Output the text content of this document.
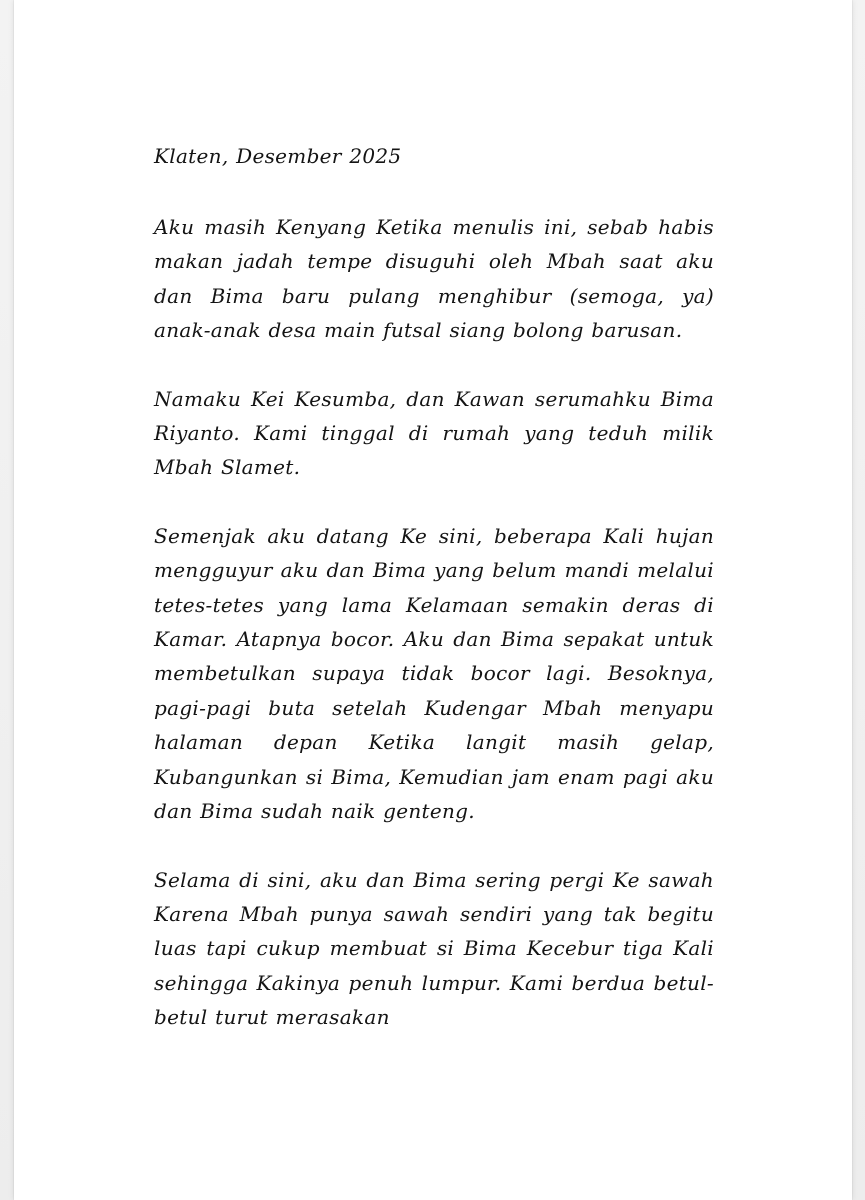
Klaten, Desember 2025

Aku masih Kenyang Ketika menulis ini, sebab habis makan jadah tempe disuguhi oleh Mbah saat aku dan Bima baru pulang menghibur (semoga, ya) anak-anak desa main futsal siang bolong barusan.

Namaku Kei Kesumba, dan Kawan serumahku Bima Riyanto. Kami tinggal di rumah yang teduh milik Mbah Slamet.

Semenjak aku datang Ke sini, beberapa Kali hujan mengguyur aku dan Bima yang belum mandi melalui tetes-tetes yang lama Kelamaan semakin deras di Kamar. Atapnya bocor. Aku dan Bima sepakat untuk membetulkan supaya tidak bocor lagi. Besoknya, pagi-pagi buta setelah Kudengar Mbah menyapu halaman depan Ketika langit masih gelap, Kubangunkan si Bima, Kemudian jam enam pagi aku dan Bima sudah naik genteng.

Selama di sini, aku dan Bima sering pergi Ke sawah Karena Mbah punya sawah sendiri yang tak begitu luas tapi cukup membuat si Bima Kecebur tiga Kali sehingga Kakinya penuh lumpur. Kami berdua betul-betul turut merasakan
